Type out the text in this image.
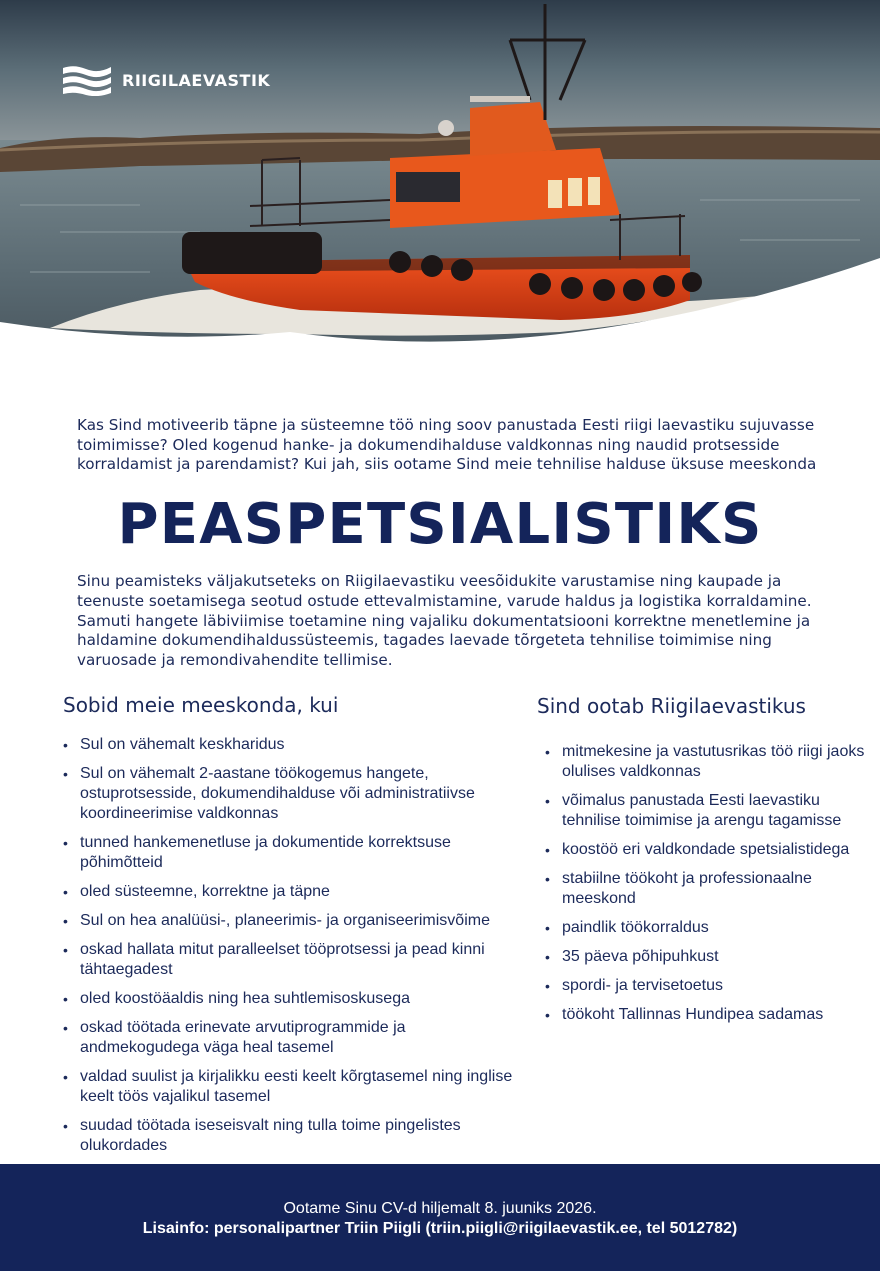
RIIGILAEVASTIK

Kas Sind motiveerib täpne ja süsteemne töö ning soov panustada Eesti riigi laevastiku sujuvasse toimimisse? Oled kogenud hanke- ja dokumendihalduse valdkonnas ning naudid protsesside korraldamist ja parendamist? Kui jah, siis ootame Sind meie tehnilise halduse üksuse meeskonda

PEASPETSIALISTIKS

Sinu peamisteks väljakutseteks on Riigilaevastiku veesõidukite varustamise ning kaupade ja teenuste soetamisega seotud ostude ettevalmistamine, varude haldus ja logistika korraldamine. Samuti hangete läbiviimise toetamine ning vajaliku dokumentatsiooni korrektne menetlemine ja haldamine dokumendihaldussüsteemis, tagades laevade tõrgeteta tehnilise toimimise ning varuosade ja remondivahendite tellimise.

Sobid meie meeskonda, kui
• Sul on vähemalt keskharidus
• Sul on vähemalt 2-aastane töökogemus hangete, ostuprotsesside, dokumendihalduse või administratiivse koordineerimise valdkonnas
• tunned hankemenetluse ja dokumentide korrektsuse põhimõtteid
• oled süsteemne, korrektne ja täpne
• Sul on hea analüüsi-, planeerimis- ja organiseerimisvõime
• oskad hallata mitut paralleelset tööprotsessi ja pead kinni tähtaegadest
• oled koostöäaldis ning hea suhtlemisoskusega
• oskad töötada erinevate arvutiprogrammide ja andmekogudega väga heal tasemel
• valdad suulist ja kirjalikku eesti keelt kõrgtasemel ning inglise keelt töös vajalikul tasemel
• suudad töötada iseseisvalt ning tulla toime pingelistes olukordades
Sind ootab Riigilaevastikus
• mitmekesine ja vastutusrikas töö riigi jaoks olulises valdkonnas
• võimalus panustada Eesti laevastiku tehnilise toimimise ja arengu tagamisse
• koostöö eri valdkondade spetsialistidega
• stabiilne töökoht ja professionaalne meeskond
• paindlik töökorraldus
• 35 päeva põhipuhkust
• spordi- ja tervisetoetus
• töökoht Tallinnas Hundipea sadamas
Ootame Sinu CV-d hiljemalt 8. juuniks 2026.
Lisainfo: personalipartner Triin Piigli (triin.piigli@riigilaevastik.ee, tel 5012782)
